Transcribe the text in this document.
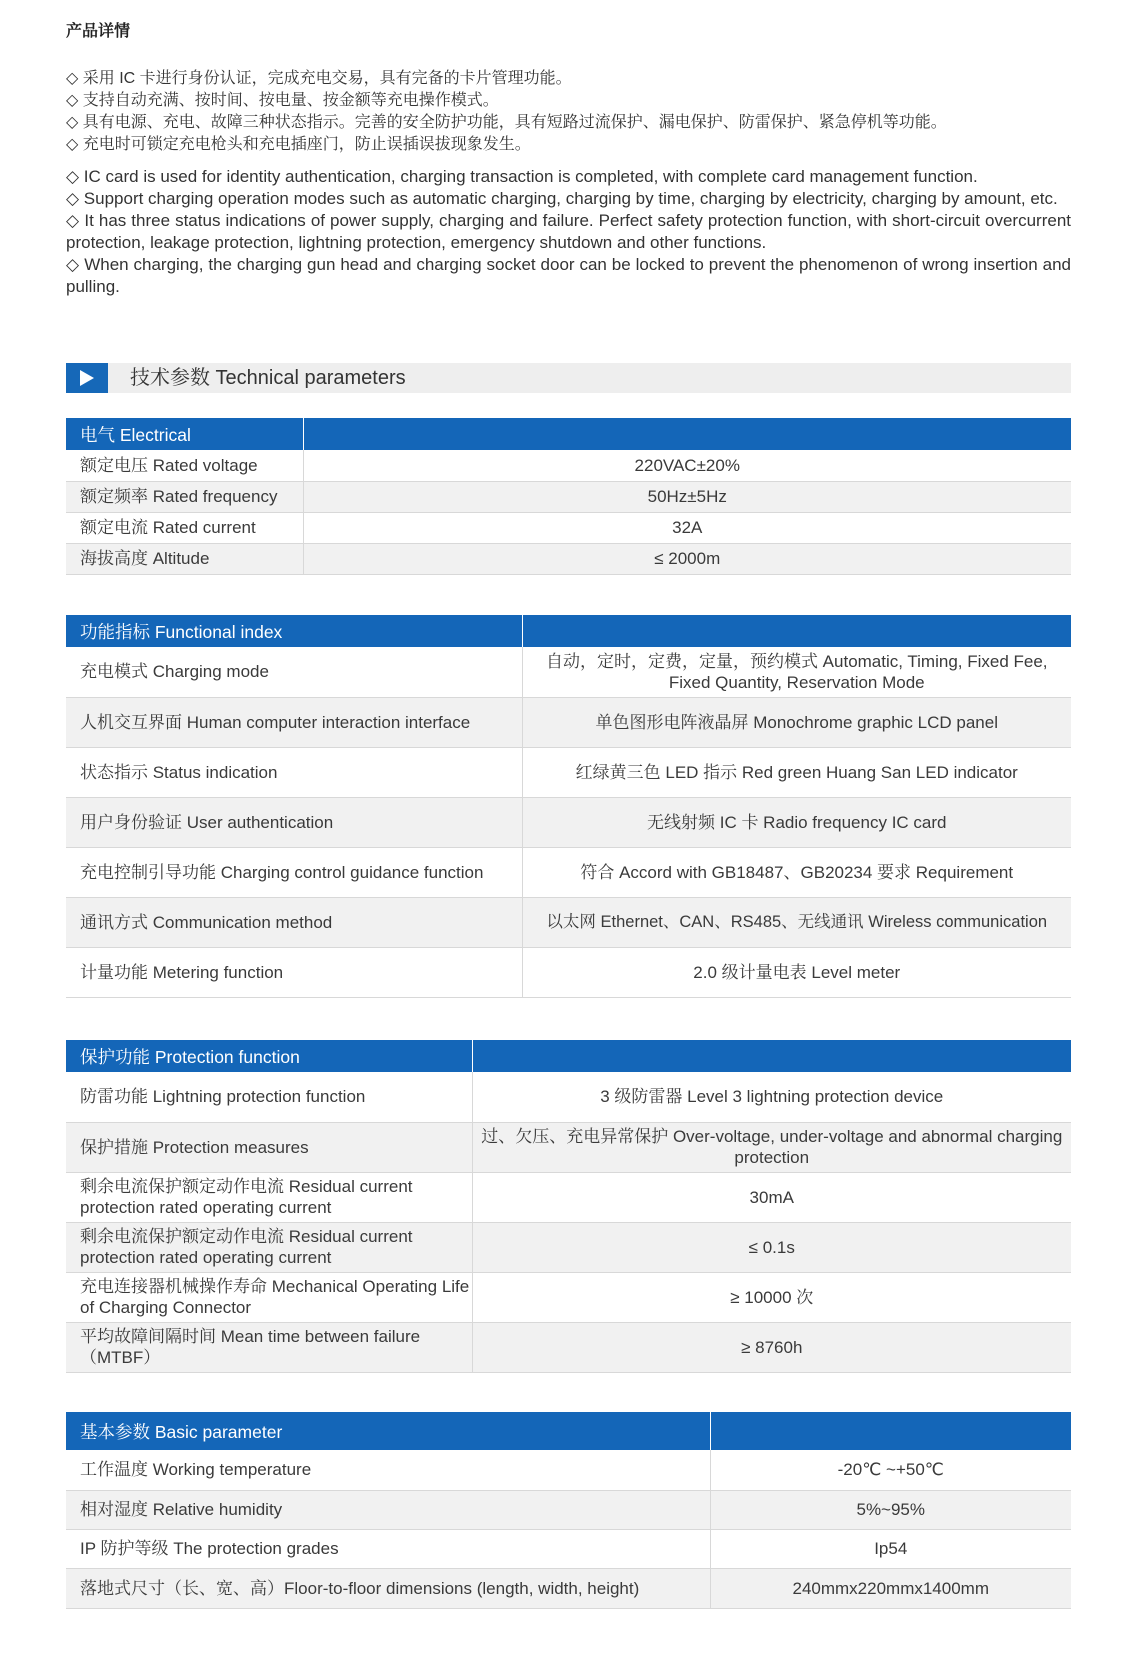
产品详情

◇ 采用 IC 卡进行身份认证，完成充电交易，具有完备的卡片管理功能。

◇ 支持自动充满、按时间、按电量、按金额等充电操作模式。

◇ 具有电源、充电、故障三种状态指示。完善的安全防护功能，具有短路过流保护、漏电保护、防雷保护、紧急停机等功能。

◇ 充电时可锁定充电枪头和充电插座门，防止误插误拔现象发生。

◇ IC card is used for identity authentication, charging transaction is completed, with complete card management function.

◇ Support charging operation modes such as automatic charging, charging by time, charging by electricity, charging by amount, etc.

◇ It has three status indications of power supply, charging and failure. Perfect safety protection function, with short-circuit overcurrent protection, leakage protection, lightning protection, emergency shutdown and other functions.

◇ When charging, the charging gun head and charging socket door can be locked to prevent the phenomenon of wrong insertion and pulling.

技术参数 Technical parameters
电气 Electrical	
额定电压 Rated voltage	220VAC±20%
额定频率 Rated frequency	50Hz±5Hz
额定电流 Rated current	32A
海拔高度 Altitude	≤ 2000m
功能指标 Functional index	
充电模式 Charging mode	自动，定时，定费，定量，预约模式 Automatic, Timing, Fixed Fee, Fixed Quantity, Reservation Mode
人机交互界面 Human computer interaction interface	单色图形电阵液晶屏 Monochrome graphic LCD panel
状态指示 Status indication	红绿黄三色 LED 指示 Red green Huang San LED indicator
用户身份验证 User authentication	无线射频 IC 卡 Radio frequency IC card
充电控制引导功能 Charging control guidance function	符合 Accord with GB18487、GB20234 要求 Requirement
通讯方式 Communication method	以太网 Ethernet、CAN、RS485、无线通讯 Wireless communication
计量功能 Metering function	2.0 级计量电表 Level meter
保护功能 Protection function	
防雷功能 Lightning protection function	3 级防雷器 Level 3 lightning protection device
保护措施 Protection measures	过、欠压、充电异常保护 Over-voltage, under-voltage and abnormal charging protection
剩余电流保护额定动作电流 Residual current protection rated operating current	30mA
剩余电流保护额定动作电流 Residual current protection rated operating current	≤ 0.1s
充电连接器机械操作寿命 Mechanical Operating Life of Charging Connector	≥ 10000 次
平均故障间隔时间 Mean time between failure（MTBF）	≥ 8760h
基本参数 Basic parameter	
工作温度 Working temperature	-20℃ ~+50℃
相对湿度 Relative humidity	5%~95%
IP 防护等级 The protection grades	Ip54
落地式尺寸（长、宽、高）Floor-to-floor dimensions (length, width, height)	240mmx220mmx1400mm
